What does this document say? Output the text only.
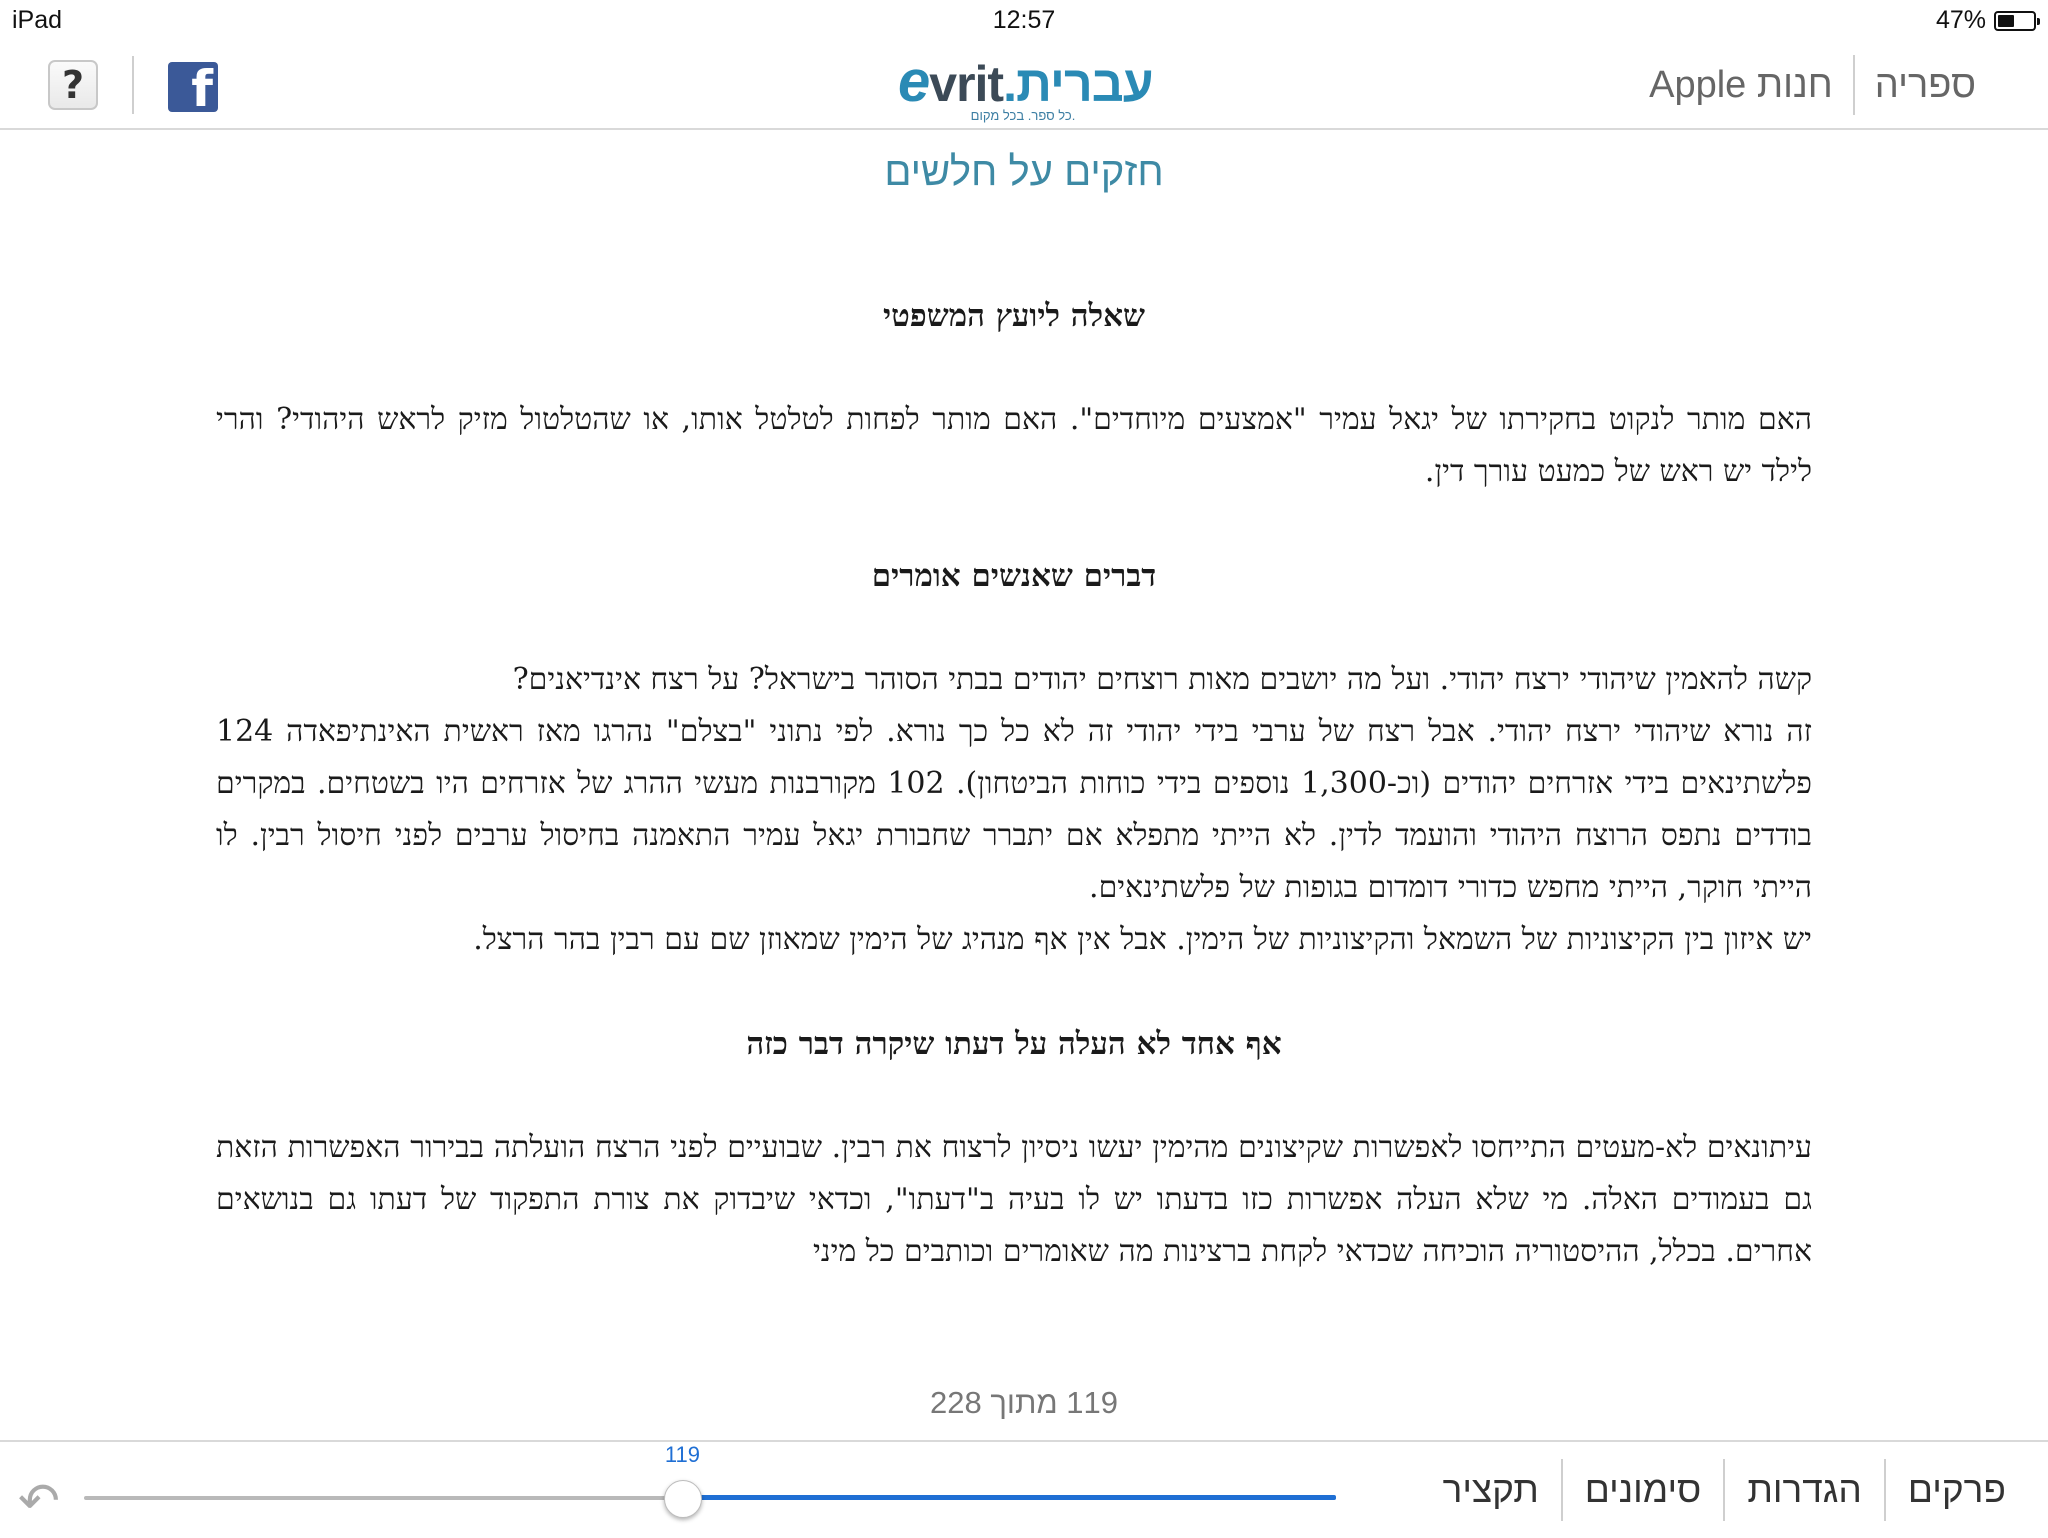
iPad	12:57	47%
? f	evrit.עברית
כל ספר. בכל מקום.
ספריה
חנות Apple
חזקים על חלשים
שאלה ליועץ המשפטי

האם מותר לנקוט בחקירתו של יגאל עמיר "אמצעים מיוחדים". האם מותר לפחות לטלטל אותו, או שהטלטול מזיק לראש היהודי? והרי לילד יש ראש של כמעט עורך דין.

דברים שאנשים אומרים

קשה להאמין שיהודי ירצח יהודי. ועל מה יושבים מאות רוצחים יהודים בבתי הסוהר בישראל? על רצח אינדיאנים?

זה נורא שיהודי ירצח יהודי. אבל רצח של ערבי בידי יהודי זה לא כל כך נורא. לפי נתוני "בצלם" נהרגו מאז ראשית האינתיפאדה 124 פלשתינאים בידי אזרחים יהודים (וכ-1,300 נוספים בידי כוחות הביטחון). 102 מקורבנות מעשי ההרג של אזרחים היו בשטחים. במקרים בודדים נתפס הרוצח היהודי והועמד לדין. לא הייתי מתפלא אם יתברר שחבורת יגאל עמיר התאמנה בחיסול ערבים לפני חיסול רבין. לו הייתי חוקר, הייתי מחפש כדורי דומדום בגופות של פלשתינאים.

יש איזון בין הקיצוניות של השמאל והקיצוניות של הימין. אבל אין אף מנהיג של הימין שמאוזן שם עם רבין בהר הרצל.

אף אחד לא העלה על דעתו שיקרה דבר כזה

עיתונאים לא-מעטים התייחסו לאפשרות שקיצונים מהימין יעשו ניסיון לרצוח את רבין. שבועיים לפני הרצח הועלתה בבירור האפשרות הזאת גם בעמודים האלה. מי שלא העלה אפשרות כזו בדעתו יש לו בעיה ב"דעתו", וכדאי שיבדוק את צורת התפקוד של דעתו גם בנושאים אחרים. בכלל, ההיסטוריה הוכיחה שכדאי לקחת ברצינות מה שאומרים וכותבים כל מיני

119 מתוך 228
↶
119
פרקים
הגדרות
סימונים
תקציר
